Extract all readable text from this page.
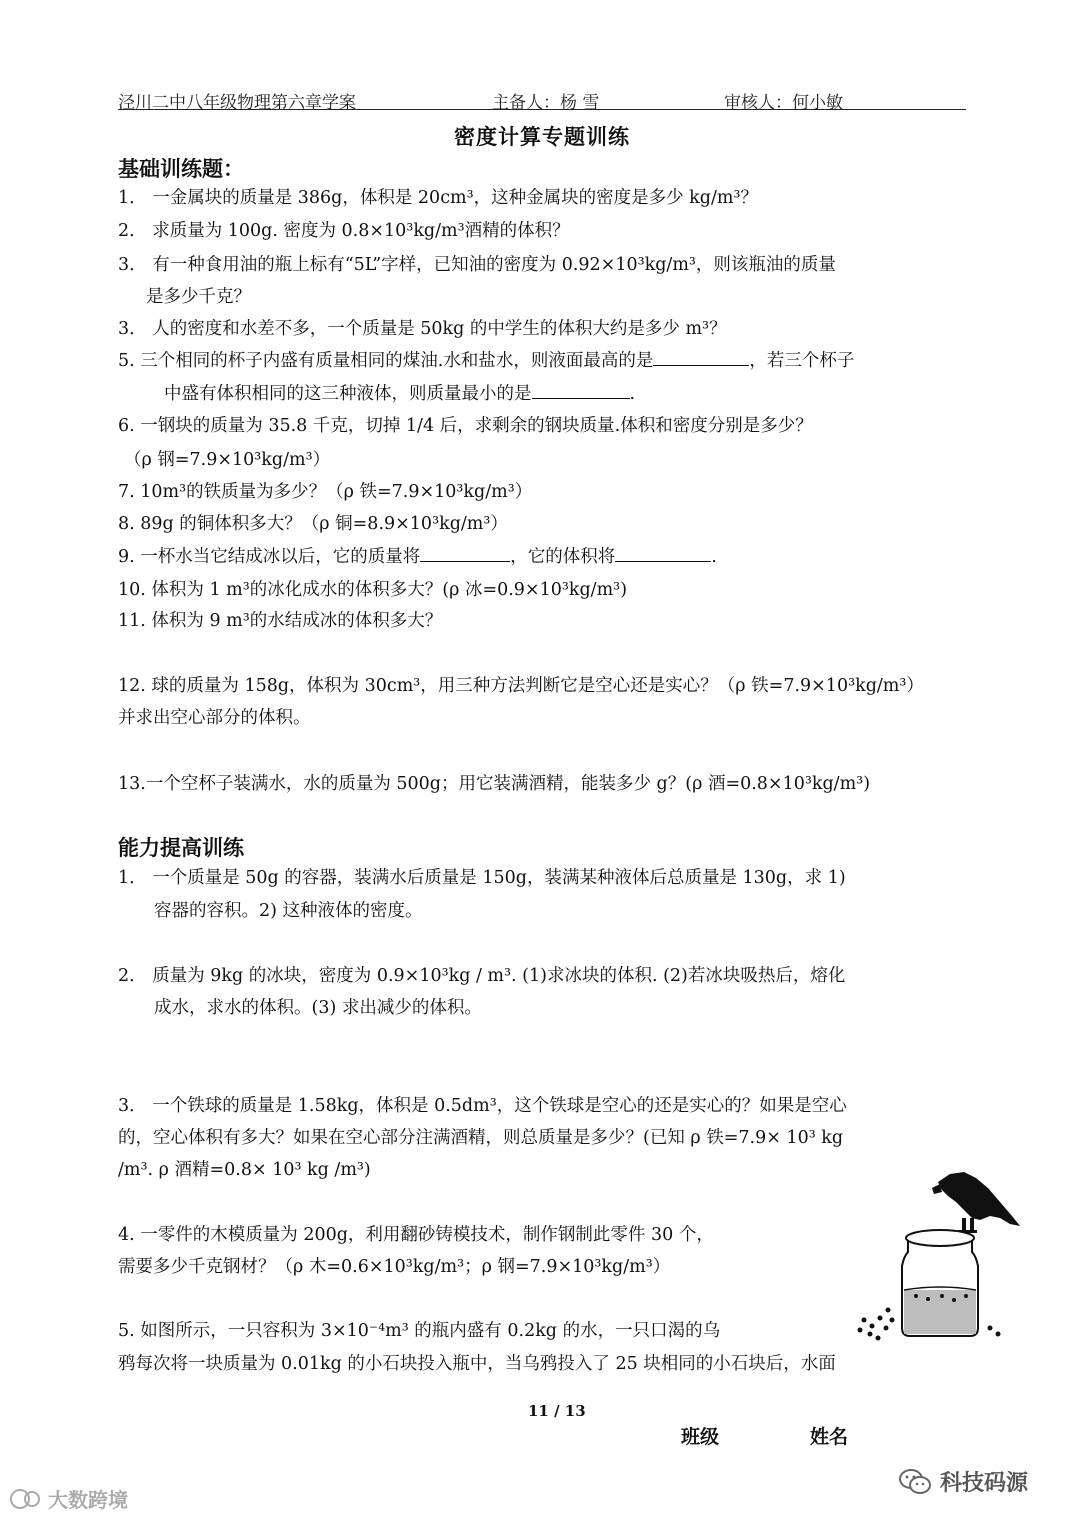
泾川二中八年级物理第六章学案	主备人：杨 雪	审核人：何小敏
密度计算专题训练
基础训练题：
1． 一金属块的质量是 386g，体积是 20cm³，这种金属块的密度是多少 kg/m³？
2． 求质量为 100g. 密度为 0.8×10³kg/m³酒精的体积？
3． 有一种食用油的瓶上标有“5L”字样，已知油的密度为 0.92×10³kg/m³，则该瓶油的质量
是多少千克？
3． 人的密度和水差不多，一个质量是 50kg 的中学生的体积大约是多少 m³？
5. 三个相同的杯子内盛有质量相同的煤油.水和盐水，则液面最高的是	，若三个杯子
中盛有体积相同的这三种液体，则质量最小的是	.
6. 一钢块的质量为 35.8 千克，切掉 1/4 后，求剩余的钢块质量.体积和密度分别是多少？
（ρ 钢=7.9×10³kg/m³）
7. 10m³的铁质量为多少？（ρ 铁=7.9×10³kg/m³）
8. 89g 的铜体积多大？（ρ 铜=8.9×10³kg/m³）
9. 一杯水当它结成冰以后，它的质量将	，它的体积将	.
10. 体积为 1 m³的冰化成水的体积多大？(ρ 冰=0.9×10³kg/m³)
11. 体积为 9 m³的水结成冰的体积多大？
12. 球的质量为 158g，体积为 30cm³，用三种方法判断它是空心还是实心？（ρ 铁=7.9×10³kg/m³）
并求出空心部分的体积。
13.一个空杯子装满水，水的质量为 500g；用它装满酒精，能装多少 g？(ρ 酒=0.8×10³kg/m³)
能力提高训练
1． 一个质量是 50g 的容器，装满水后质量是 150g，装满某种液体后总质量是 130g，求 1)
容器的容积。2) 这种液体的密度。
2． 质量为 9kg 的冰块，密度为 0.9×10³kg / m³. (1)求冰块的体积. (2)若冰块吸热后，熔化
成水，求水的体积。(3) 求出减少的体积。
3． 一个铁球的质量是 1.58kg，体积是 0.5dm³，这个铁球是空心的还是实心的？如果是空心
的，空心体积有多大？如果在空心部分注满酒精，则总质量是多少？(已知 ρ 铁=7.9× 10³ kg
/m³. ρ 酒精=0.8× 10³ kg /m³)
4. 一零件的木模质量为 200g，利用翻砂铸模技术，制作钢制此零件 30 个，
需要多少千克钢材？（ρ 木=0.6×10³kg/m³；ρ 钢=7.9×10³kg/m³）
5. 如图所示，一只容积为 3×10⁻⁴m³ 的瓶内盛有 0.2kg 的水，一只口渴的乌
鸦每次将一块质量为 0.01kg 的小石块投入瓶中，当乌鸦投入了 25 块相同的小石块后，水面
11 / 13
班级	姓名
大数跨境
科技码源
